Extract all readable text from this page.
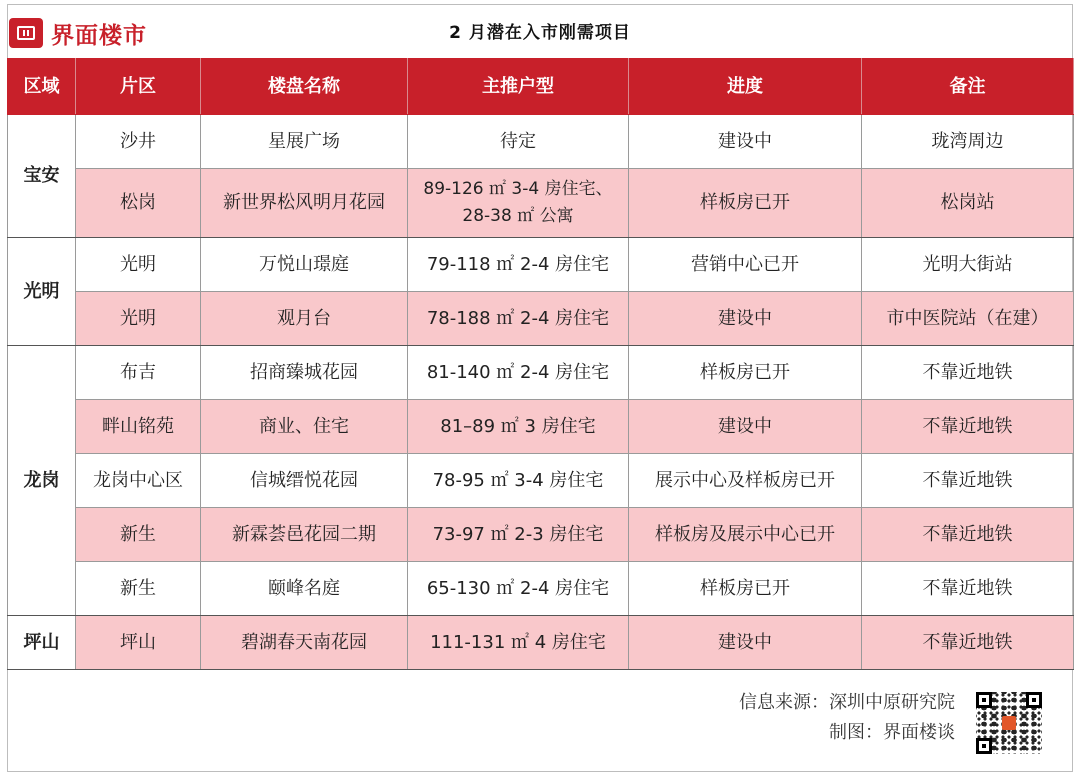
界面楼市	2 月潜在入市刚需项目
区域	片区	楼盘名称	主推户型	进度	备注
宝安	沙井	星展广场	待定	建设中	珑湾周边
	松岗	新世界松风明月花园	89-126 ㎡ 3-4 房住宅、28-38 ㎡ 公寓	样板房已开	松岗站
光明	光明	万悦山璟庭	79-118 ㎡ 2-4 房住宅	营销中心已开	光明大街站
	光明	观月台	78-188 ㎡ 2-4 房住宅	建设中	市中医院站（在建）
龙岗	布吉	招商臻城花园	81-140 ㎡ 2-4 房住宅	样板房已开	不靠近地铁
	畔山铭苑	商业、住宅	81–89 ㎡ 3 房住宅	建设中	不靠近地铁
	龙岗中心区	信城缙悦花园	78-95 ㎡ 3-4 房住宅	展示中心及样板房已开	不靠近地铁
	新生	新霖荟邑花园二期	73-97 ㎡ 2-3 房住宅	样板房及展示中心已开	不靠近地铁
	新生	颐峰名庭	65-130 ㎡ 2-4 房住宅	样板房已开	不靠近地铁
坪山	坪山	碧湖春天南花园	111-131 ㎡ 4 房住宅	建设中	不靠近地铁
信息来源：深圳中原研究院
制图：界面楼谈
